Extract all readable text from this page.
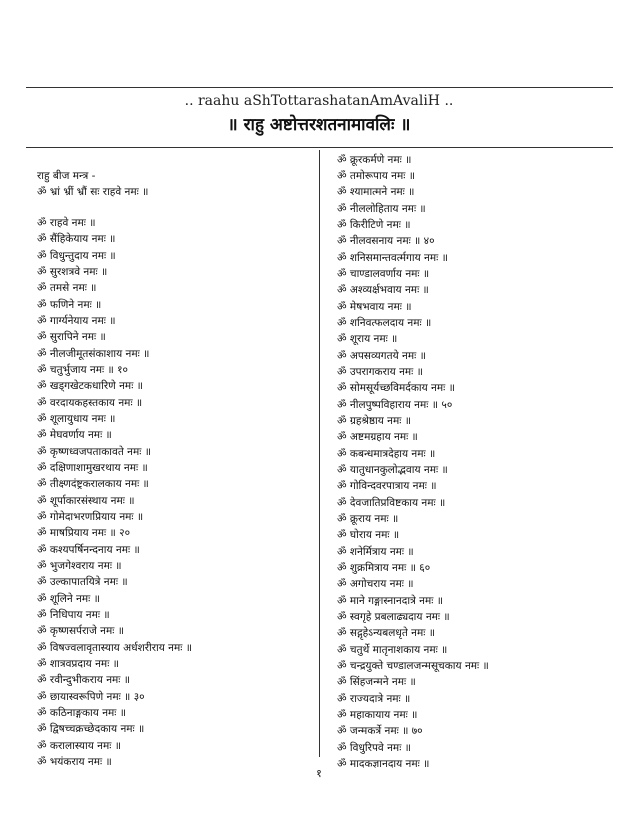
.. raahu aShTottarashatanAmAvaliH ..
॥ राहु अष्टोत्तरशतनामावलिः ॥
राहु बीज मन्त्र -
ॐ भ्रां भ्रीं भ्रौं सः राहवे नमः ॥
ॐ राहवे नमः ॥
ॐ सैंहिकेयाय नमः ॥
ॐ विधुन्तुदाय नमः ॥
ॐ सुरशत्रवे नमः ॥
ॐ तमसे नमः ॥
ॐ फणिने नमः ॥
ॐ गार्ग्यनेयाय नमः ॥
ॐ सुरापिने नमः ॥
ॐ नीलजीमूतसंकाशाय नमः ॥
ॐ चतुर्भुजाय नमः ॥ १०
ॐ खड्गखेटकधारिणे नमः ॥
ॐ वरदायकहस्तकाय नमः ॥
ॐ शूलायुधाय नमः ॥
ॐ मेघवर्णाय नमः ॥
ॐ कृष्णध्वजपताकावते नमः ॥
ॐ दक्षिणाशामुखरथाय नमः ॥
ॐ तीक्ष्णदंष्ट्रकरालकाय नमः ॥
ॐ शूर्पाकारसंस्थाय नमः ॥
ॐ गोमेदाभरणप्रियाय नमः ॥
ॐ माषप्रियाय नमः ॥ २०
ॐ कश्यपर्षिनन्दनाय नमः ॥
ॐ भुजगेश्वराय नमः ॥
ॐ उल्कापातयित्रे नमः ॥
ॐ शूलिने नमः ॥
ॐ निधिपाय नमः ॥
ॐ कृष्णसर्पराजे नमः ॥
ॐ विषज्वलावृतास्याय अर्धशरीराय नमः ॥
ॐ शात्रवप्रदाय नमः ॥
ॐ रवीन्दुभीकराय नमः ॥
ॐ छायास्वरूपिणे नमः ॥ ३०
ॐ कठिनाङ्गकाय नमः ॥
ॐ द्विषच्चक्रच्छेदकाय नमः ॥
ॐ करालास्याय नमः ॥
ॐ भयंकराय नमः ॥
ॐ क्रूरकर्मणे नमः ॥
ॐ तमोरूपाय नमः ॥
ॐ श्यामात्मने नमः ॥
ॐ नीललोहिताय नमः ॥
ॐ किरीटिणे नमः ॥
ॐ नीलवसनाय नमः ॥ ४०
ॐ शनिसमान्तवर्त्मगाय नमः ॥
ॐ चाण्डालवर्णाय नमः ॥
ॐ अश्व्यर्क्षभवाय नमः ॥
ॐ मेषभवाय नमः ॥
ॐ शनिवत्फलदाय नमः ॥
ॐ शूराय नमः ॥
ॐ अपसव्यगतये नमः ॥
ॐ उपरागकराय नमः ॥
ॐ सोमसूर्यच्छविमर्दकाय नमः ॥
ॐ नीलपुष्पविहाराय नमः ॥ ५०
ॐ ग्रहश्रेष्ठाय नमः ॥
ॐ अष्टमग्रहाय नमः ॥
ॐ कबन्धमात्रदेहाय नमः ॥
ॐ यातुधानकुलोद्भवाय नमः ॥
ॐ गोविन्दवरपात्राय नमः ॥
ॐ देवजातिप्रविष्टकाय नमः ॥
ॐ क्रूराय नमः ॥
ॐ घोराय नमः ॥
ॐ शनेर्मित्राय नमः ॥
ॐ शुक्रमित्राय नमः ॥ ६०
ॐ अगोचराय नमः ॥
ॐ माने गङ्गास्नानदात्रे नमः ॥
ॐ स्वगृहे प्रबलाढ्यदाय नमः ॥
ॐ सद्गृहेऽन्यबलधृते नमः ॥
ॐ चतुर्थे मातृनाशकाय नमः ॥
ॐ चन्द्रयुक्ते चण्डालजन्मसूचकाय नमः ॥
ॐ सिंहजन्मने नमः ॥
ॐ राज्यदात्रे नमः ॥
ॐ महाकायाय नमः ॥
ॐ जन्मकर्त्रे नमः ॥ ७०
ॐ विधुरिपवे नमः ॥
ॐ मादकज्ञानदाय नमः ॥
१
